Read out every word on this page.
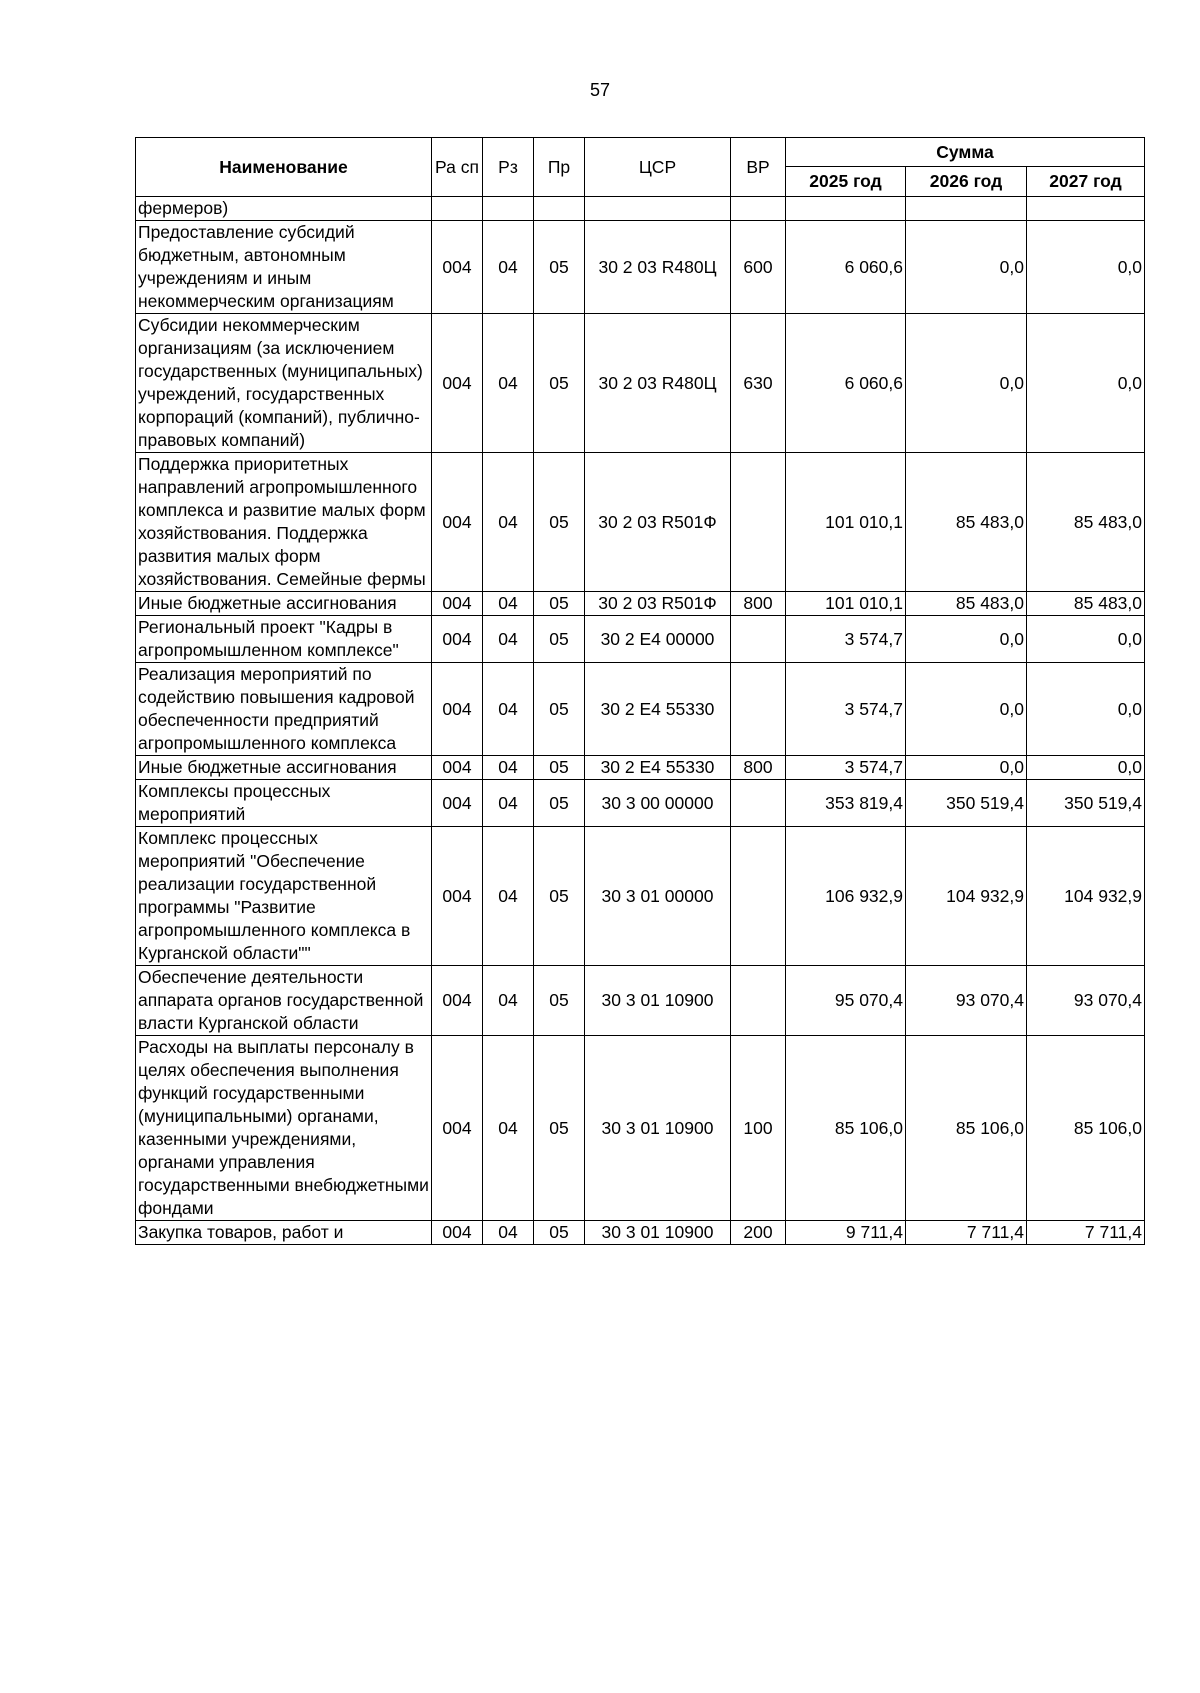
57
Наименование	Ра сп	Рз	Пр	ЦСР	ВР	Сумма		
						2025 год	2026 год	2027 год
фермеров)								
Предоставление субсидий бюджетным, автономным учреждениям и иным некоммерческим организациям	004	04	05	30 2 03 R480Ц	600	6 060,6	0,0	0,0
Субсидии некоммерческим организациям (за исключением государственных (муниципальных) учреждений, государственных корпораций (компаний), публично-правовых компаний)	004	04	05	30 2 03 R480Ц	630	6 060,6	0,0	0,0
Поддержка приоритетных направлений агропромышленного комплекса и развитие малых форм хозяйствования. Поддержка развития малых форм хозяйствования. Семейные фермы	004	04	05	30 2 03 R501Ф		101 010,1	85 483,0	85 483,0
Иные бюджетные ассигнования	004	04	05	30 2 03 R501Ф	800	101 010,1	85 483,0	85 483,0
Региональный проект "Кадры в агропромышленном комплексе"	004	04	05	30 2 E4 00000		3 574,7	0,0	0,0
Реализация мероприятий по содействию повышения кадровой обеспеченности предприятий агропромышленного комплекса	004	04	05	30 2 E4 55330		3 574,7	0,0	0,0
Иные бюджетные ассигнования	004	04	05	30 2 E4 55330	800	3 574,7	0,0	0,0
Комплексы процессных мероприятий	004	04	05	30 3 00 00000		353 819,4	350 519,4	350 519,4
Комплекс процессных мероприятий "Обеспечение реализации государственной программы "Развитие агропромышленного комплекса в Курганской области""	004	04	05	30 3 01 00000		106 932,9	104 932,9	104 932,9
Обеспечение деятельности аппарата органов государственной власти Курганской области	004	04	05	30 3 01 10900		95 070,4	93 070,4	93 070,4
Расходы на выплаты персоналу в целях обеспечения выполнения функций государственными (муниципальными) органами, казенными учреждениями, органами управления государственными внебюджетными фондами	004	04	05	30 3 01 10900	100	85 106,0	85 106,0	85 106,0
Закупка товаров, работ и	004	04	05	30 3 01 10900	200	9 711,4	7 711,4	7 711,4
